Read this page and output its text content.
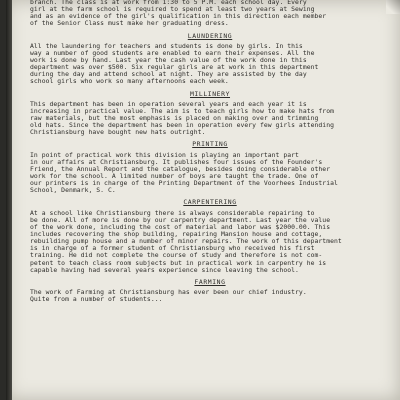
branch. The class is at work from 1:30 to 5 P.M. each school day. Every
girl at the farm school is required to spend at least two years at Sewing
and as an evidence of the girl's qualification in this direction each member
of the Senior Class must make her graduating dress.
LAUNDERING
All the laundering for teachers and students is done by girls. In this
way a number of good students are enabled to earn their expenses. All the
work is done by hand. Last year the cash value of the work done in this
department was over $500. Six regular girls are at work in this department
during the day and attend school at night. They are assisted by the day
school girls who work so many afternoons each week.
MILLINERY
This department has been in operation several years and each year it is
increasing in practical value. The aim is to teach girls how to make hats from
raw materials, but the most emphasis is placed on making over and trimming
old hats. Since the department has been in operation every few girls attending
Christiansburg have bought new hats outright.
PRINTING
In point of practical work this division is playing an important part
in our affairs at Christiansburg. It publishes four issues of the Founder's
Friend, the Annual Report and the catalogue, besides doing considerable other
work for the school. A limited number of boys are taught the trade. One of
our printers is in charge of the Printing Department of the Voorhees Industrial
School, Denmark, S. C.
CARPENTERING
At a school like Christiansburg there is always considerable repairing to
be done. All of more is done by our carpentry department. Last year the value
of the work done, including the cost of material and labor was $2000.00. This
includes recovering the shop building, repairing Mansion house and cottage,
rebuilding pump house and a number of minor repairs. The work of this department
is in charge of a former student of Christiansburg who received his first
training. He did not complete the course of study and therefore is not com-
petent to teach class room subjects but in practical work in carpentry he is
capable having had several years experience since leaving the school.
FARMING
The work of Farming at Christiansburg has ever been our chief industry.
Quite from a number of students...
